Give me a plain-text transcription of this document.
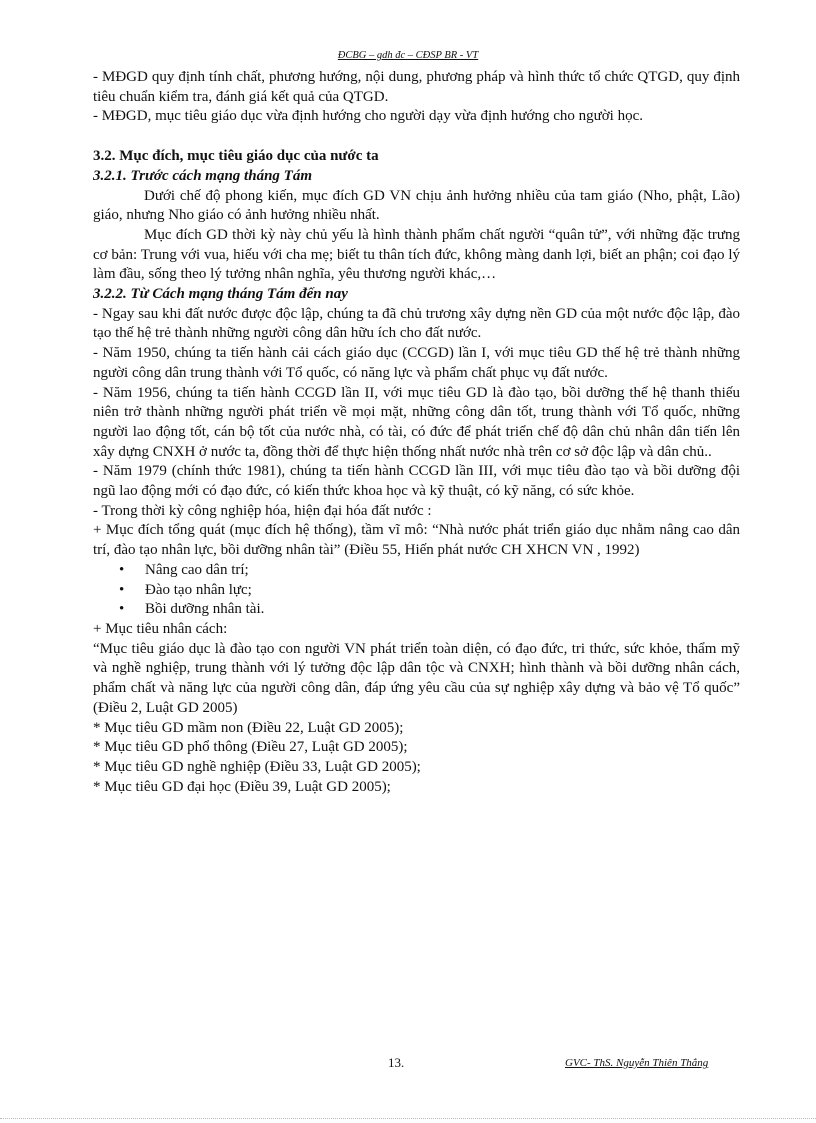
ĐCBG – gdh đc – CĐSP BR - VT

- MĐGD quy định tính chất, phương hướng, nội dung, phương pháp và hình thức tổ chức QTGD, quy định tiêu chuẩn kiểm tra, đánh giá kết quả của QTGD.

- MĐGD, mục tiêu giáo dục vừa định hướng cho người dạy vừa định hướng cho người học.

3.2. Mục đích, mục tiêu giáo dục của nước ta

3.2.1. Trước cách mạng tháng Tám

Dưới chế độ phong kiến, mục đích GD VN chịu ảnh hưởng nhiều của tam giáo (Nho, phật, Lão) giáo, nhưng Nho giáo có ảnh hưởng nhiều nhất.

Mục đích GD thời kỳ này chủ yếu là hình thành phẩm chất người “quân tử”, với những đặc trưng cơ bản: Trung với vua, hiếu với cha mẹ; biết tu thân tích đức, không màng danh lợi, biết an phận; coi đạo lý làm đầu, sống theo lý tưởng nhân nghĩa, yêu thương người khác,…

3.2.2. Từ Cách mạng tháng Tám đến nay

- Ngay sau khi đất nước được độc lập, chúng ta đã chủ trương xây dựng nền GD của một nước độc lập, đào tạo thế hệ trẻ thành những người công dân hữu ích cho đất nước.

- Năm 1950, chúng ta tiến hành cải cách giáo dục (CCGD) lần I, với mục tiêu GD thế hệ trẻ thành những người công dân trung thành với Tổ quốc, có năng lực và phẩm chất phục vụ đất nước.

- Năm 1956, chúng ta tiến hành CCGD lần II, với mục tiêu GD là đào tạo, bồi dưỡng thế hệ thanh thiếu niên trở thành những người phát triển về mọi mặt, những công dân tốt, trung thành với Tổ quốc, những người lao động tốt, cán bộ tốt của nước nhà, có tài, có đức để phát triển chế độ dân chủ nhân dân tiến lên xây dựng CNXH ở nước ta, đồng thời để thực hiện thống nhất nước nhà trên cơ sở độc lập và dân chủ..

- Năm 1979 (chính thức 1981), chúng ta tiến hành CCGD lần III, với mục tiêu đào tạo và bồi dưỡng đội ngũ lao động mới có đạo đức, có kiến thức khoa học và kỹ thuật, có kỹ năng, có sức khỏe.

- Trong thời kỳ công nghiệp hóa, hiện đại hóa đất nước :

+ Mục đích tổng quát (mục đích hệ thống), tầm vĩ mô: “Nhà nước phát triển giáo dục nhằm nâng cao dân trí, đào tạo nhân lực, bồi dưỡng nhân tài” (Điều 55, Hiến phát nước CH XHCN VN , 1992)

• Nâng cao dân trí;
• Đào tạo nhân lực;
• Bồi dưỡng nhân tài.

+ Mục tiêu nhân cách:

“Mục tiêu giáo dục là đào tạo con người VN phát triển toàn diện, có đạo đức, tri thức, sức khỏe, thẩm mỹ và nghề nghiệp, trung thành với lý tưởng độc lập dân tộc và CNXH; hình thành và bồi dưỡng nhân cách, phẩm chất và năng lực của người công dân, đáp ứng yêu cầu của sự nghiệp xây dựng và bảo vệ Tổ quốc” (Điều 2, Luật GD 2005)

* Mục tiêu GD mầm non (Điều 22, Luật GD 2005);

* Mục tiêu GD phổ thông (Điều 27, Luật GD 2005);

* Mục tiêu GD nghề nghiệp (Điều 33, Luật GD 2005);

* Mục tiêu GD đại học (Điều 39, Luật GD 2005);

13.	GVC- ThS. Nguyễn Thiên Thắng
